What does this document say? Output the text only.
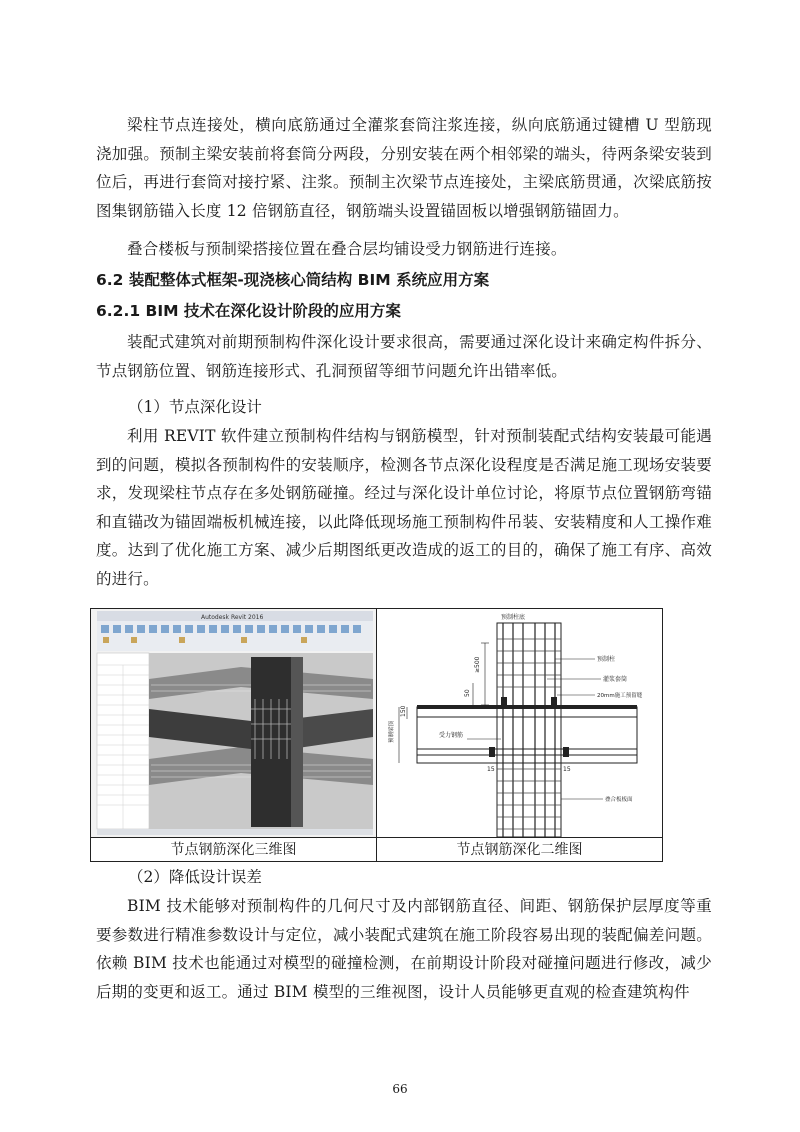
梁柱节点连接处，横向底筋通过全灌浆套筒注浆连接，纵向底筋通过键槽 U 型筋现浇加强。预制主梁安装前将套筒分两段，分别安装在两个相邻梁的端头，待两条梁安装到位后，再进行套筒对接拧紧、注浆。预制主次梁节点连接处，主梁底筋贯通，次梁底筋按图集钢筋锚入长度 12 倍钢筋直径，钢筋端头设置锚固板以增强钢筋锚固力。

叠合楼板与预制梁搭接位置在叠合层均铺设受力钢筋进行连接。

6.2 装配整体式框架-现浇核心筒结构 BIM 系统应用方案

6.2.1 BIM 技术在深化设计阶段的应用方案

装配式建筑对前期预制构件深化设计要求很高，需要通过深化设计来确定构件拆分、节点钢筋位置、钢筋连接形式、孔洞预留等细节问题允许出错率低。

（1）节点深化设计

利用 REVIT 软件建立预制构件结构与钢筋模型，针对预制装配式结构安装最可能遇到的问题，模拟各预制构件的安装顺序，检测各节点深化设程度是否满足施工现场安装要求，发现梁柱节点存在多处钢筋碰撞。经过与深化设计单位讨论，将原节点位置钢筋弯锚和直锚改为锚固端板机械连接，以此降低现场施工预制构件吊装、安装精度和人工操作难度。达到了优化施工方案、减少后期图纸更改造成的返工的目的，确保了施工有序、高效的进行。

Autodesk Revit 2016	预制柱底
预制柱
灌浆套筒
20mm施工预留缝
叠合板板面
受力钢筋
≥500
50
150
15	15
预制梁顶
节点钢筋深化三维图	节点钢筋深化二维图

（2）降低设计误差

BIM 技术能够对预制构件的几何尺寸及内部钢筋直径、间距、钢筋保护层厚度等重要参数进行精准参数设计与定位，减小装配式建筑在施工阶段容易出现的装配偏差问题。依赖 BIM 技术也能通过对模型的碰撞检测，在前期设计阶段对碰撞问题进行修改，减少后期的变更和返工。通过 BIM 模型的三维视图，设计人员能够更直观的检查建筑构件

66
